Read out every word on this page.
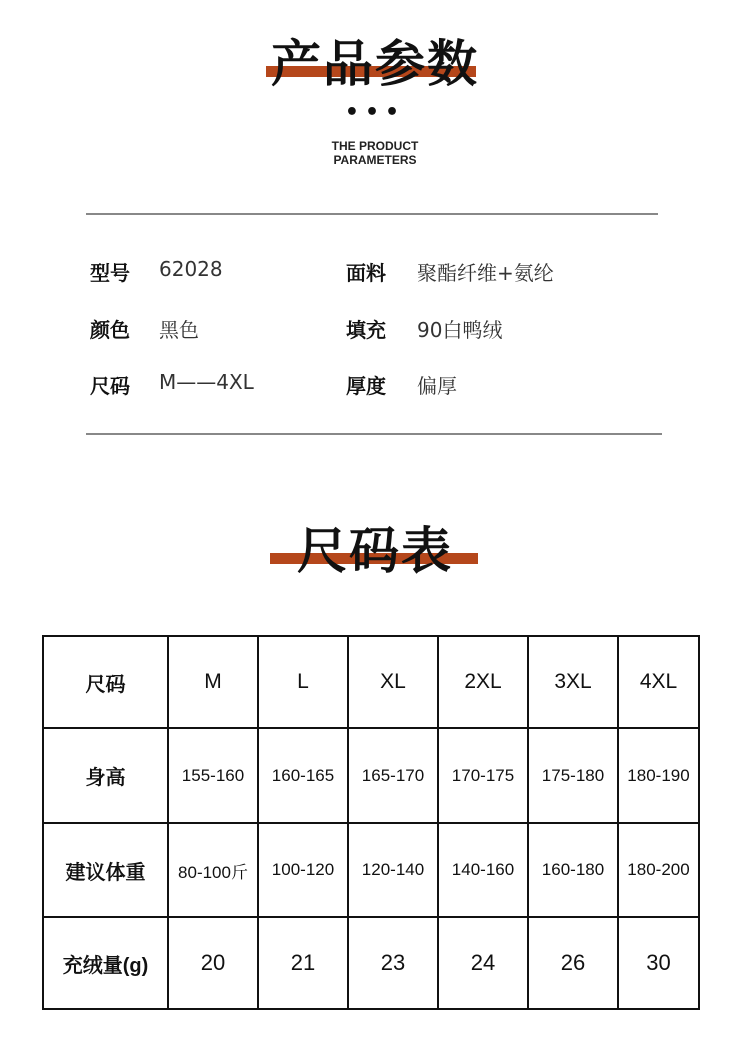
产品参数
•••
THE PRODUCT
PARAMETERS
型号 62028	面料 聚酯纤维+氨纶
颜色 黑色	填充 90白鸭绒
尺码 M——4XL	厚度 偏厚
尺码表
尺码	M	L	XL	2XL	3XL	4XL
身高	155-160	160-165	165-170	170-175	175-180	180-190
建议体重	80-100斤	100-120	120-140	140-160	160-180	180-200
充绒量(g)	20	21	23	24	26	30
